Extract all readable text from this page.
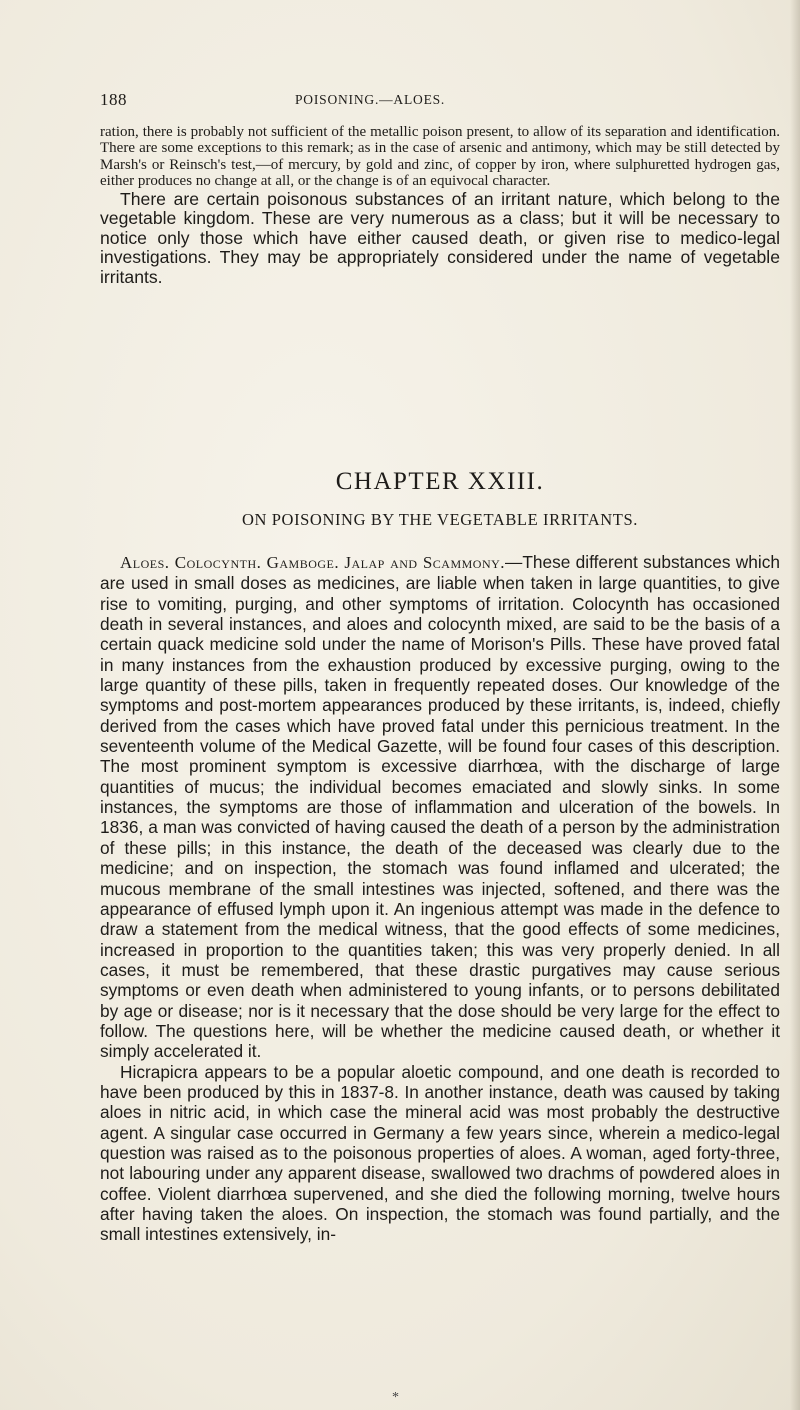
188	POISONING.—ALOES.
ration, there is probably not sufficient of the metallic poison present, to allow of its separation and identification. There are some exceptions to this remark; as in the case of arsenic and antimony, which may be still detected by Marsh's or Reinsch's test,—of mercury, by gold and zinc, of copper by iron, where sulphuretted hydrogen gas, either produces no change at all, or the change is of an equivocal character.
There are certain poisonous substances of an irritant nature, which belong to the vegetable kingdom. These are very numerous as a class; but it will be necessary to notice only those which have either caused death, or given rise to medico-legal investigations. They may be appropriately considered under the name of vegetable irritants.
CHAPTER XXIII.
ON POISONING BY THE VEGETABLE IRRITANTS.

Aloes. Colocynth. Gamboge. Jalap and Scammony.—These different substances which are used in small doses as medicines, are liable when taken in large quantities, to give rise to vomiting, purging, and other symptoms of irritation. Colocynth has occasioned death in several instances, and aloes and colocynth mixed, are said to be the basis of a certain quack medicine sold under the name of Morison's Pills. These have proved fatal in many instances from the exhaustion produced by excessive purging, owing to the large quantity of these pills, taken in frequently repeated doses. Our knowledge of the symptoms and post-mortem appearances produced by these irritants, is, indeed, chiefly derived from the cases which have proved fatal under this pernicious treatment. In the seventeenth volume of the Medical Gazette, will be found four cases of this description. The most prominent symptom is excessive diarrhœa, with the discharge of large quantities of mucus; the individual becomes emaciated and slowly sinks. In some instances, the symptoms are those of inflammation and ulceration of the bowels. In 1836, a man was convicted of having caused the death of a person by the administration of these pills; in this instance, the death of the deceased was clearly due to the medicine; and on inspection, the stomach was found inflamed and ulcerated; the mucous membrane of the small intestines was injected, softened, and there was the appearance of effused lymph upon it. An ingenious attempt was made in the defence to draw a statement from the medical witness, that the good effects of some medicines, increased in proportion to the quantities taken; this was very properly denied. In all cases, it must be remembered, that these drastic purgatives may cause serious symptoms or even death when administered to young infants, or to persons debilitated by age or disease; nor is it necessary that the dose should be very large for the effect to follow. The questions here, will be whether the medicine caused death, or whether it simply accelerated it.

Hicrapicra appears to be a popular aloetic compound, and one death is recorded to have been produced by this in 1837-8. In another instance, death was caused by taking aloes in nitric acid, in which case the mineral acid was most probably the destructive agent. A singular case occurred in Germany a few years since, wherein a medico-legal question was raised as to the poisonous properties of aloes. A woman, aged forty-three, not labouring under any apparent disease, swallowed two drachms of powdered aloes in coffee. Violent diarrhœa supervened, and she died the following morning, twelve hours after having taken the aloes. On inspection, the stomach was found partially, and the small intestines extensively, in-

*
